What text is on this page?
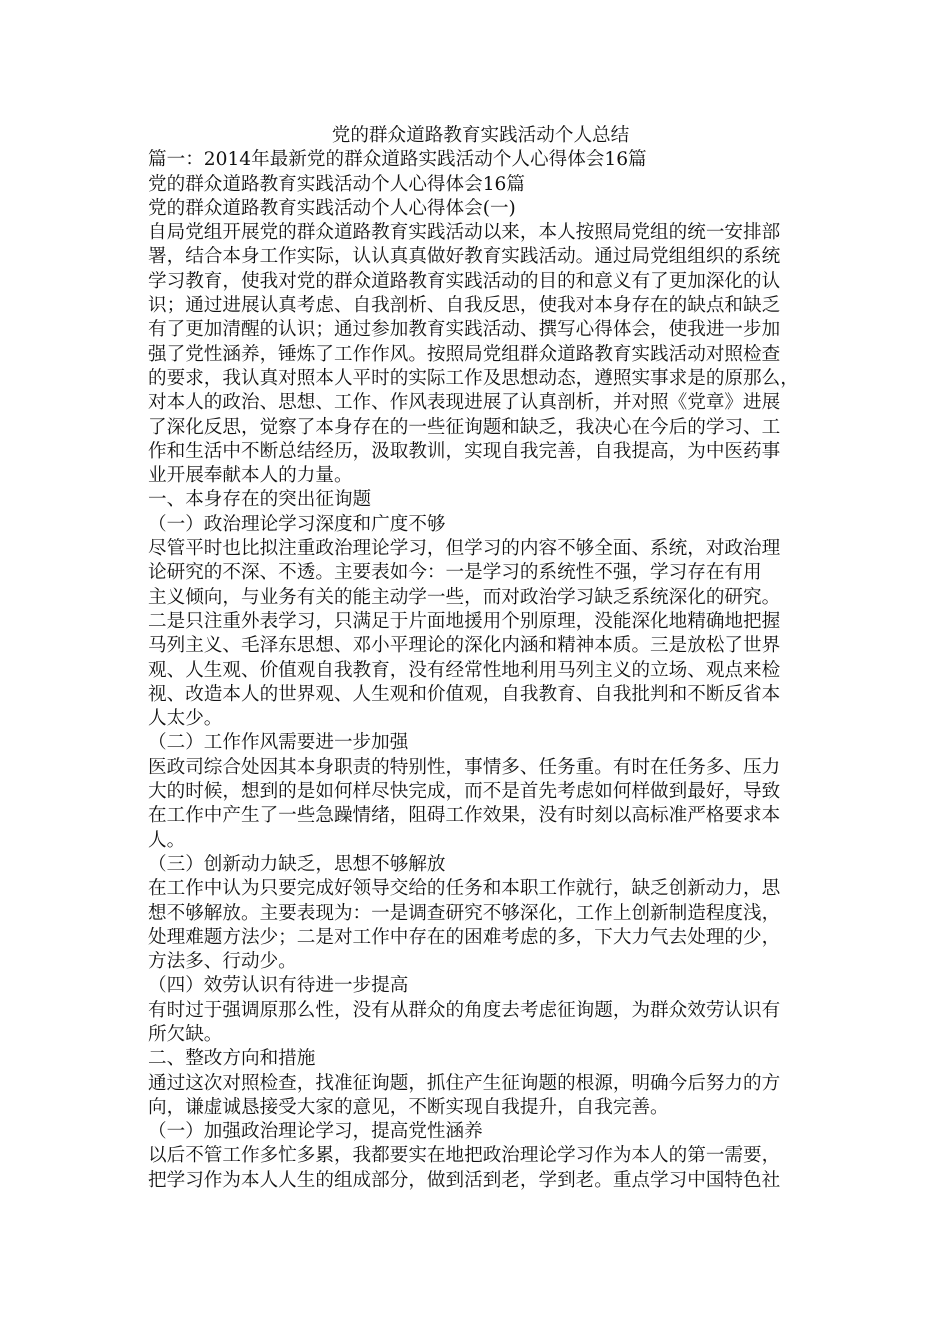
党的群众道路教育实践活动个人总结
篇一：2014年最新党的群众道路实践活动个人心得体会16篇
党的群众道路教育实践活动个人心得体会16篇
党的群众道路教育实践活动个人心得体会(一)
自局党组开展党的群众道路教育实践活动以来，本人按照局党组的统一安排部
署，结合本身工作实际，认认真真做好教育实践活动。通过局党组组织的系统
学习教育，使我对党的群众道路教育实践活动的目的和意义有了更加深化的认
识；通过进展认真考虑、自我剖析、自我反思，使我对本身存在的缺点和缺乏
有了更加清醒的认识；通过参加教育实践活动、撰写心得体会，使我进一步加
强了党性涵养，锤炼了工作作风。按照局党组群众道路教育实践活动对照检查
的要求，我认真对照本人平时的实际工作及思想动态，遵照实事求是的原那么，
对本人的政治、思想、工作、作风表现进展了认真剖析，并对照《党章》进展
了深化反思，觉察了本身存在的一些征询题和缺乏，我决心在今后的学习、工
作和生活中不断总结经历，汲取教训，实现自我完善，自我提高，为中医药事
业开展奉献本人的力量。
一、本身存在的突出征询题
（一）政治理论学习深度和广度不够
尽管平时也比拟注重政治理论学习，但学习的内容不够全面、系统，对政治理
论研究的不深、不透。主要表如今：一是学习的系统性不强，学习存在有用
主义倾向，与业务有关的能主动学一些，而对政治学习缺乏系统深化的研究。
二是只注重外表学习，只满足于片面地援用个别原理，没能深化地精确地把握
马列主义、毛泽东思想、邓小平理论的深化内涵和精神本质。三是放松了世界
观、人生观、价值观自我教育，没有经常性地利用马列主义的立场、观点来检
视、改造本人的世界观、人生观和价值观，自我教育、自我批判和不断反省本
人太少。
（二）工作作风需要进一步加强
医政司综合处因其本身职责的特别性，事情多、任务重。有时在任务多、压力
大的时候，想到的是如何样尽快完成，而不是首先考虑如何样做到最好，导致
在工作中产生了一些急躁情绪，阻碍工作效果，没有时刻以高标准严格要求本
人。
（三）创新动力缺乏，思想不够解放
在工作中认为只要完成好领导交给的任务和本职工作就行，缺乏创新动力，思
想不够解放。主要表现为：一是调查研究不够深化，工作上创新制造程度浅，
处理难题方法少；二是对工作中存在的困难考虑的多，下大力气去处理的少，
方法多、行动少。
（四）效劳认识有待进一步提高
有时过于强调原那么性，没有从群众的角度去考虑征询题，为群众效劳认识有
所欠缺。
二、整改方向和措施
通过这次对照检查，找准征询题，抓住产生征询题的根源，明确今后努力的方
向，谦虚诚恳接受大家的意见，不断实现自我提升，自我完善。
（一）加强政治理论学习，提高党性涵养
以后不管工作多忙多累，我都要实在地把政治理论学习作为本人的第一需要，
把学习作为本人人生的组成部分，做到活到老，学到老。重点学习中国特色社
